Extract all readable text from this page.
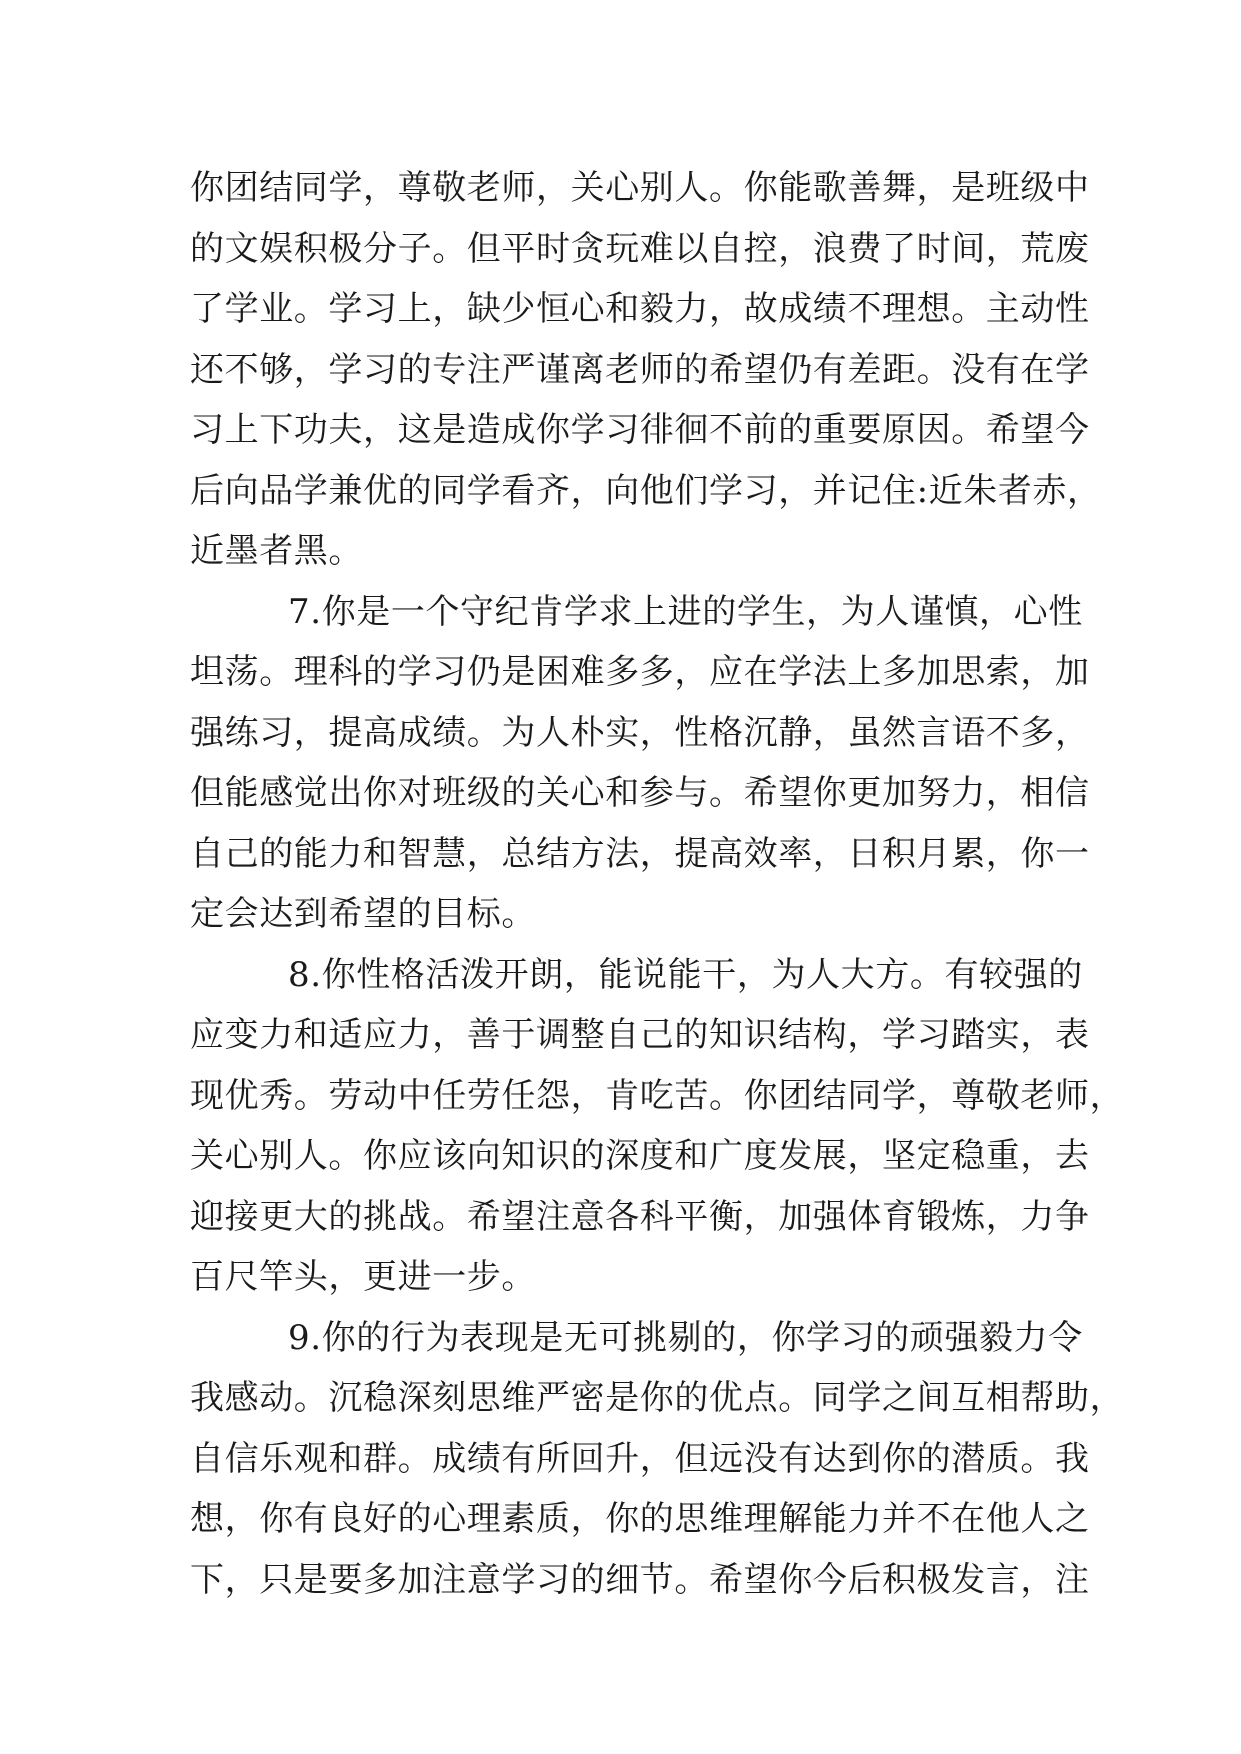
你团结同学，尊敬老师，关心别人。你能歌善舞，是班级中
的文娱积极分子。但平时贪玩难以自控，浪费了时间，荒废
了学业。学习上，缺少恒心和毅力，故成绩不理想。主动性
还不够，学习的专注严谨离老师的希望仍有差距。没有在学
习上下功夫，这是造成你学习徘徊不前的重要原因。希望今
后向品学兼优的同学看齐，向他们学习，并记住:近朱者赤，
近墨者黑。
7.你是一个守纪肯学求上进的学生，为人谨慎，心性
坦荡。理科的学习仍是困难多多，应在学法上多加思索，加
强练习，提高成绩。为人朴实，性格沉静，虽然言语不多，
但能感觉出你对班级的关心和参与。希望你更加努力，相信
自己的能力和智慧，总结方法，提高效率，日积月累，你一
定会达到希望的目标。
8.你性格活泼开朗，能说能干，为人大方。有较强的
应变力和适应力，善于调整自己的知识结构，学习踏实，表
现优秀。劳动中任劳任怨，肯吃苦。你团结同学，尊敬老师，
关心别人。你应该向知识的深度和广度发展，坚定稳重，去
迎接更大的挑战。希望注意各科平衡，加强体育锻炼，力争
百尺竿头，更进一步。
9.你的行为表现是无可挑剔的，你学习的顽强毅力令
我感动。沉稳深刻思维严密是你的优点。同学之间互相帮助，
自信乐观和群。成绩有所回升，但远没有达到你的潜质。我
想，你有良好的心理素质，你的思维理解能力并不在他人之
下，只是要多加注意学习的细节。希望你今后积极发言，注
